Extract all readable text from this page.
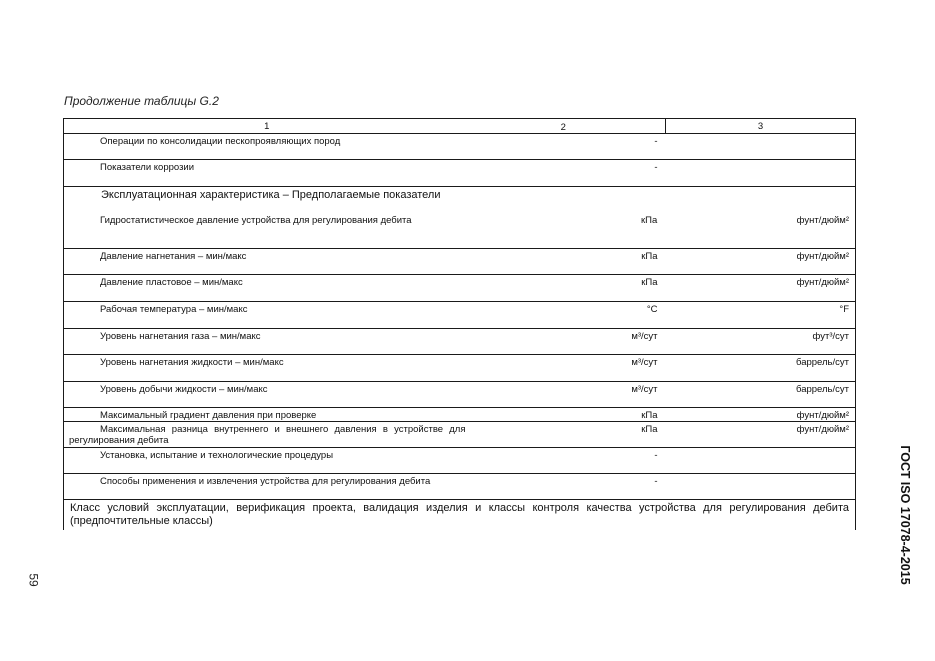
Продолжение таблицы G.2
1	2	3
Операции по консолидации пескопроявляющих пород	-	
Показатели коррозии	-	

Эксплуатационная характеристика – Предполагаемые показатели
Гидростатистическое давление устройства для регулирования дебита кПа фунт/дюйм²		

Давление нагнетания – мин/макс	кПа	фунт/дюйм²
Давление пластовое – мин/макс	кПа	фунт/дюйм²
Рабочая температура – мин/макс	°C	°F
Уровень нагнетания газа – мин/макс	м³/сут	фут³/сут
Уровень нагнетания жидкости – мин/макс	м³/сут	баррель/сут
Уровень добычи жидкости – мин/макс	м³/сут	баррель/сут
Максимальный градиент давления при проверке	кПа	фунт/дюйм²
Максимальная разница внутреннего и внешнего давления в устройстве для регулирования дебита	кПа	фунт/дюйм²
Установка, испытание и технологические процедуры	-	
Способы применения и извлечения устройства для регулирования дебита	-	
Класс условий эксплуатации, верификация проекта, валидация изделия и классы контроля качества устройства для регулирования дебита (предпочтительные классы)		
59	ГОСТ ISO 17078-4-2015
